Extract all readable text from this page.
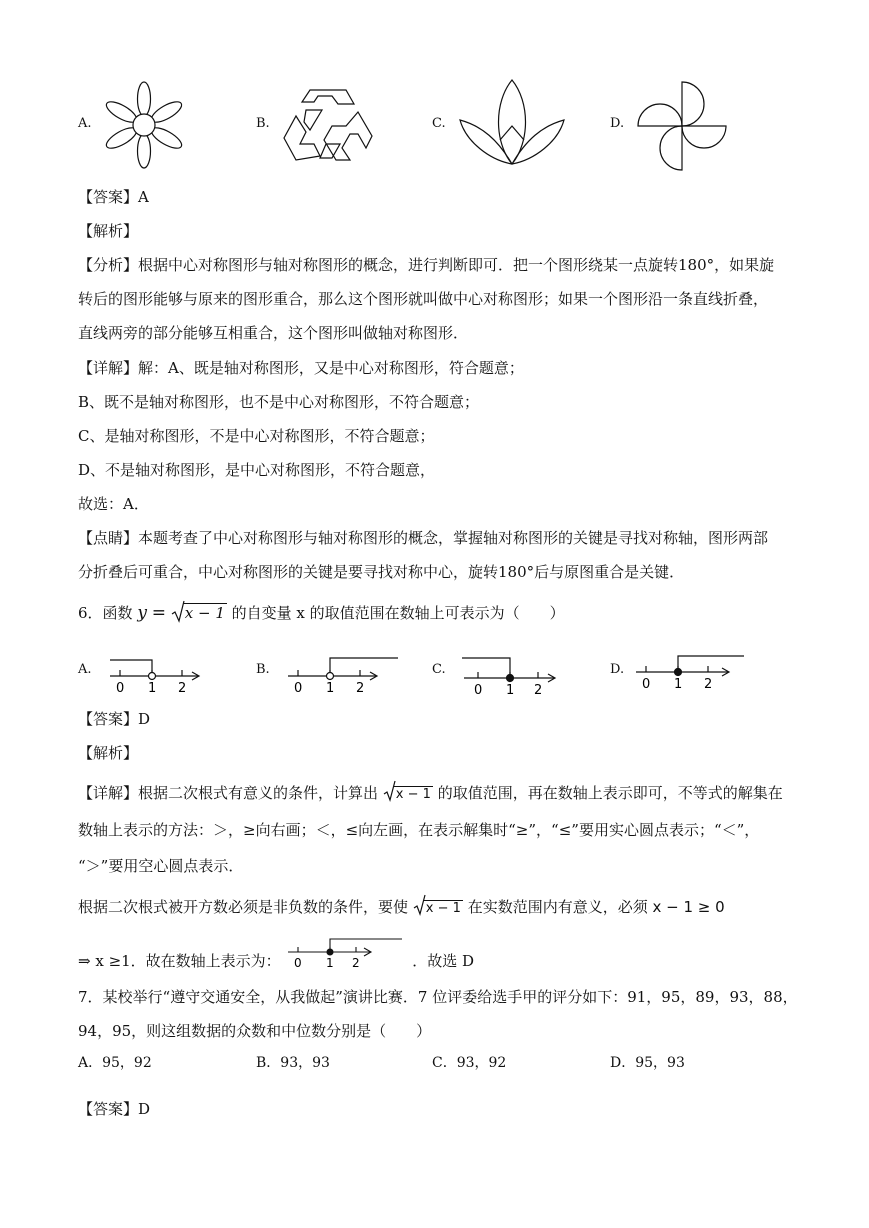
A.	B.	C.	D.
【答案】A
【解析】
【分析】根据中心对称图形与轴对称图形的概念，进行判断即可．把一个图形绕某一点旋转180°，如果旋
转后的图形能够与原来的图形重合，那么这个图形就叫做中心对称图形；如果一个图形沿一条直线折叠，
直线两旁的部分能够互相重合，这个图形叫做轴对称图形．
【详解】解：A、既是轴对称图形，又是中心对称图形，符合题意；
B、既不是轴对称图形，也不是中心对称图形，不符合题意；
C、是轴对称图形，不是中心对称图形，不符合题意；
D、不是轴对称图形，是中心对称图形，不符合题意，
故选：A．
【点睛】本题考查了中心对称图形与轴对称图形的概念，掌握轴对称图形的关键是寻找对称轴，图形两部
分折叠后可重合，中心对称图形的关键是要寻找对称中心，旋转180°后与原图重合是关键．
6．函数 y = x − 1 的自变量 x 的取值范围在数轴上可表示为（　　）
A.
0 1 2
B.
0 1 2
C.
0 1 2
D.
0 1 2
【答案】D
【解析】
【详解】根据二次根式有意义的条件，计算出 x − 1 的取值范围，再在数轴上表示即可，不等式的解集在
数轴上表示的方法：＞，≥向右画；＜，≤向左画，在表示解集时“≥”，“≤”要用实心圆点表示；“＜”，
“＞”要用空心圆点表示．
根据二次根式被开方数必须是非负数的条件，要使 x − 1 在实数范围内有意义，必须 x − 1 ≥ 0
⇒ x ≥1．故在数轴上表示为：	．故选 D
0 1 2
7．某校举行“遵守交通安全，从我做起”演讲比赛．7 位评委给选手甲的评分如下：91，95，89，93，88，
94，95，则这组数据的众数和中位数分别是（　　）
A．95，92	B．93，93	C．93，92	D．95，93
【答案】D
